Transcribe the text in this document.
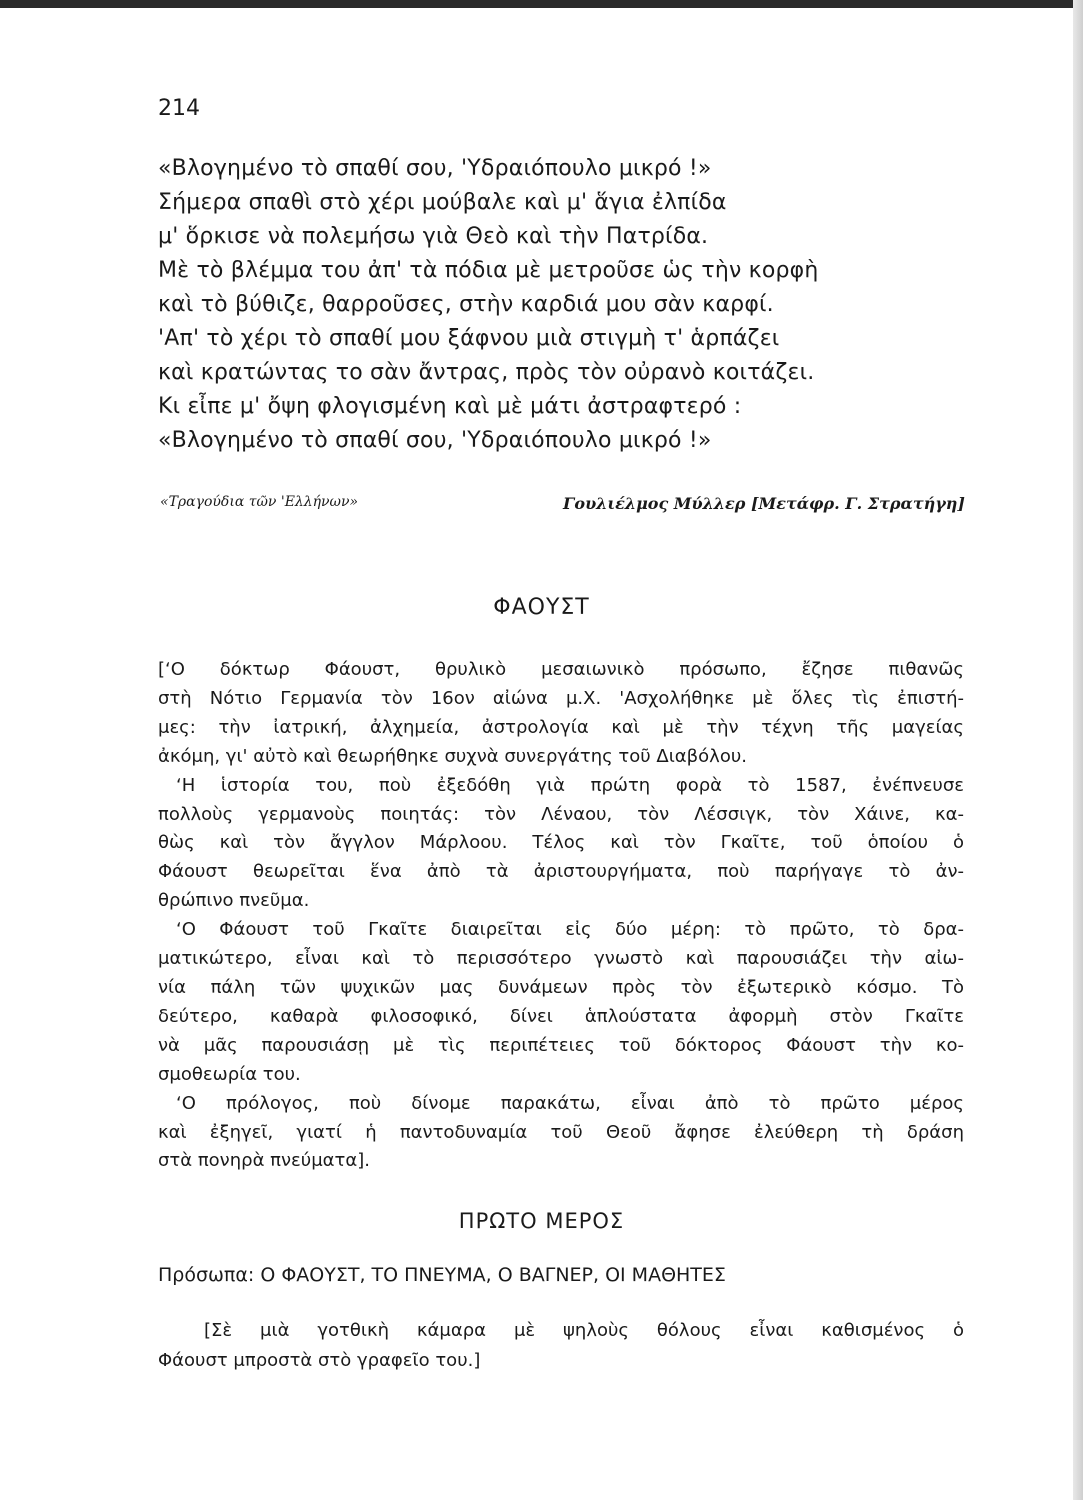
214
«Βλογημένο τὸ σπαθί σου, 'Υδραιόπουλο μικρό !»
Σήμερα σπαθὶ στὸ χέρι μούβαλε καὶ μ' ἅγια ἐλπίδα
μ' ὅρκισε νὰ πολεμήσω γιὰ Θεὸ καὶ τὴν Πατρίδα.
Μὲ τὸ βλέμμα του ἀπ' τὰ πόδια μὲ μετροῦσε ὡς τὴν κορφὴ
καὶ τὸ βύθιζε, θαρροῦσες, στὴν καρδιά μου σὰν καρφί.
'Απ' τὸ χέρι τὸ σπαθί μου ξάφνου μιὰ στιγμὴ τ' ἁρπάζει
καὶ κρατώντας το σὰν ἄντρας, πρὸς τὸν οὐρανὸ κοιτάζει.
Κι εἶπε μ' ὄψη φλογισμένη καὶ μὲ μάτι ἀστραφτερό :
«Βλογημένο τὸ σπαθί σου, 'Υδραιόπουλο μικρό !»
«Τραγούδια τῶν 'Ελλήνων»	Γουλιέλμος Μύλλερ [Μετάφρ. Γ. Στρατήγη]
ΦΑΟΥΣΤ
[ʻΟ δόκτωρ Φάουστ, θρυλικὸ μεσαιωνικὸ πρόσωπο, ἔζησε πιθανῶς
στὴ Νότιο Γερμανία τὸν 16ον αἰώνα μ.Χ. 'Ασχολήθηκε μὲ ὅλες τὶς ἐπιστή-
μες: τὴν ἰατρική, ἀλχημεία, ἀστρολογία καὶ μὲ τὴν τέχνη τῆς μαγείας
ἀκόμη, γι' αὐτὸ καὶ θεωρήθηκε συχνὰ συνεργάτης τοῦ Διαβόλου.
ʻΗ ἱστορία του, ποὺ ἐξεδόθη γιὰ πρώτη φορὰ τὸ 1587, ἐνέπνευσε
πολλοὺς γερμανοὺς ποιητάς: τὸν Λέναου, τὸν Λέσσιγκ, τὸν Χάινε, κα-
θὼς καὶ τὸν ἄγγλον Μάρλοου. Τέλος καὶ τὸν Γκαῖτε, τοῦ ὁποίου ὁ
Φάουστ θεωρεῖται ἕνα ἀπὸ τὰ ἀριστουργήματα, ποὺ παρήγαγε τὸ ἀν-
θρώπινο πνεῦμα.
ʻΟ Φάουστ τοῦ Γκαῖτε διαιρεῖται εἰς δύο μέρη: τὸ πρῶτο, τὸ δρα-
ματικώτερο, εἶναι καὶ τὸ περισσότερο γνωστὸ καὶ παρουσιάζει τὴν αἰω-
νία πάλη τῶν ψυχικῶν μας δυνάμεων πρὸς τὸν ἐξωτερικὸ κόσμο. Τὸ
δεύτερο, καθαρὰ φιλοσοφικό, δίνει ἁπλούστατα ἀφορμὴ στὸν Γκαῖτε
νὰ μᾶς παρουσιάσῃ μὲ τὶς περιπέτειες τοῦ δόκτορος Φάουστ τὴν κο-
σμοθεωρία του.
ʻΟ πρόλογος, ποὺ δίνομε παρακάτω, εἶναι ἀπὸ τὸ πρῶτο μέρος
καὶ ἐξηγεῖ, γιατί ἡ παντοδυναμία τοῦ Θεοῦ ἄφησε ἐλεύθερη τὴ δράση
στὰ πονηρὰ πνεύματα].
ΠΡΩΤΟ ΜΕΡΟΣ
Πρόσωπα: Ο ΦΑΟΥΣΤ, ΤΟ ΠΝΕΥΜΑ, Ο ΒΑΓΝΕΡ, ΟΙ ΜΑΘΗΤΕΣ
[Σὲ μιὰ γοτθικὴ κάμαρα μὲ ψηλοὺς θόλους εἶναι καθισμένος ὁ
Φάουστ μπροστὰ στὸ γραφεῖο του.]
